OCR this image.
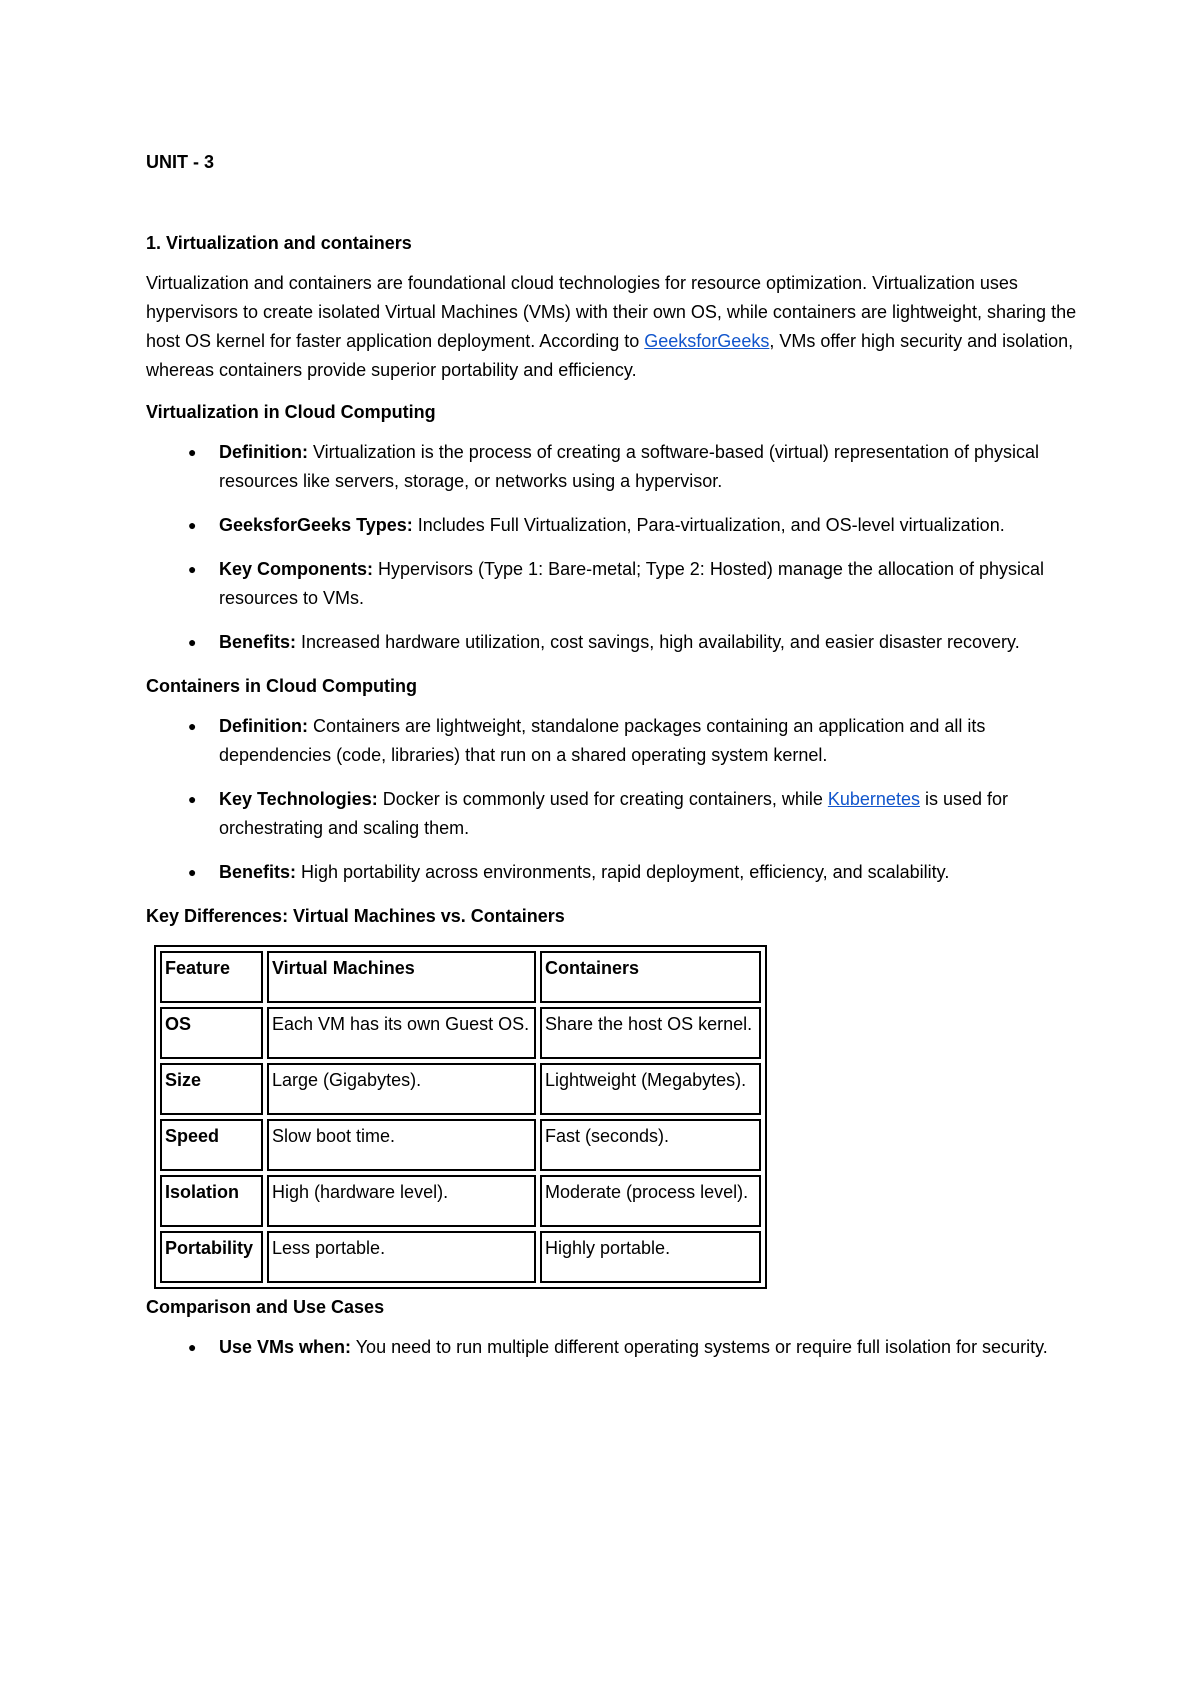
UNIT - 3
1. Virtualization and containers

Virtualization and containers are foundational cloud technologies for resource optimization. Virtualization uses hypervisors to create isolated Virtual Machines (VMs) with their own OS, while containers are lightweight, sharing the host OS kernel for faster application deployment. According to GeeksforGeeks, VMs offer high security and isolation, whereas containers provide superior portability and efficiency.

Virtualization in Cloud Computing
● Definition: Virtualization is the process of creating a software-based (virtual) representation of physical resources like servers, storage, or networks using a hypervisor.
● GeeksforGeeks Types: Includes Full Virtualization, Para-virtualization, and OS-level virtualization.
● Key Components: Hypervisors (Type 1: Bare-metal; Type 2: Hosted) manage the allocation of physical resources to VMs.
● Benefits: Increased hardware utilization, cost savings, high availability, and easier disaster recovery.
Containers in Cloud Computing
● Definition: Containers are lightweight, standalone packages containing an application and all its dependencies (code, libraries) that run on a shared operating system kernel.
● Key Technologies: Docker is commonly used for creating containers, while Kubernetes is used for orchestrating and scaling them.
● Benefits: High portability across environments, rapid deployment, efficiency, and scalability.
Key Differences: Virtual Machines vs. Containers
Feature	Virtual Machines	Containers
OS	Each VM has its own Guest OS.	Share the host OS kernel.
Size	Large (Gigabytes).	Lightweight (Megabytes).
Speed	Slow boot time.	Fast (seconds).
Isolation	High (hardware level).	Moderate (process level).
Portability	Less portable.	Highly portable.
Comparison and Use Cases
● Use VMs when: You need to run multiple different operating systems or require full isolation for security.
